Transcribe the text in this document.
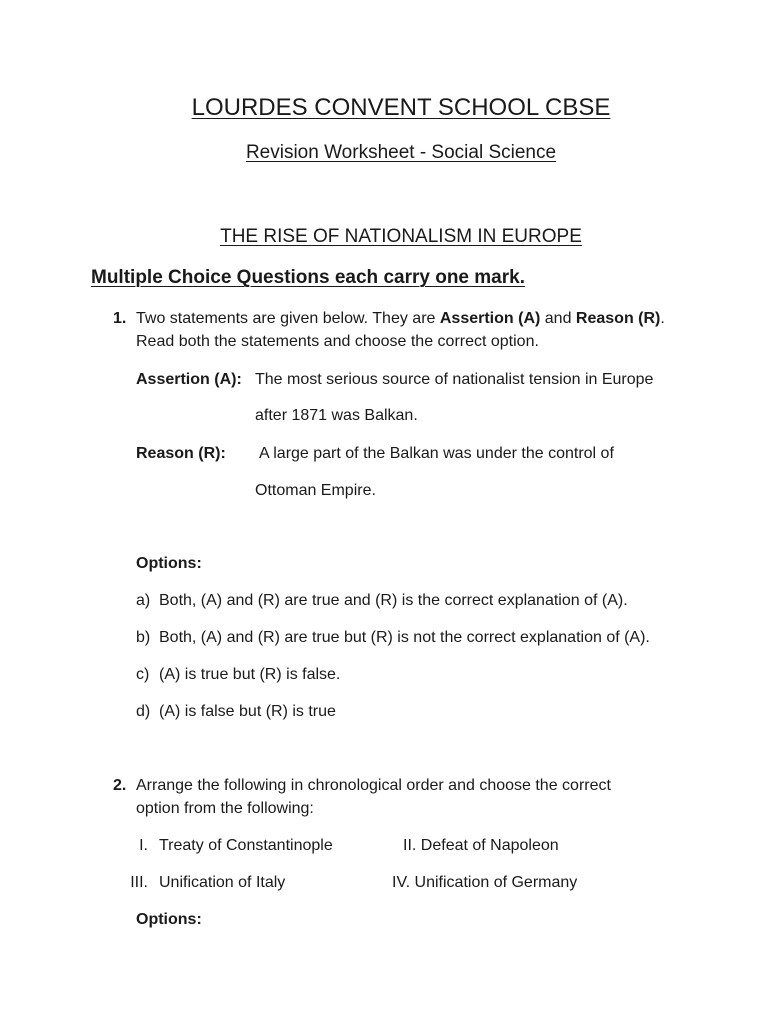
LOURDES CONVENT SCHOOL CBSE
Revision Worksheet - Social Science
THE RISE OF NATIONALISM IN EUROPE
Multiple Choice Questions each carry one mark.
1. Two statements are given below. They are Assertion (A) and Reason (R).
Read both the statements and choose the correct option.
Assertion (A): The most serious source of nationalist tension in Europe
after 1871 was Balkan.
Reason (R): A large part of the Balkan was under the control of
Ottoman Empire.
Options:
a) Both, (A) and (R) are true and (R) is the correct explanation of (A).
b) Both, (A) and (R) are true but (R) is not the correct explanation of (A).
c) (A) is true but (R) is false.
d) (A) is false but (R) is true
2. Arrange the following in chronological order and choose the correct
option from the following:
I. Treaty of Constantinople	II. Defeat of Napoleon
III. Unification of Italy	IV. Unification of Germany
Options:
